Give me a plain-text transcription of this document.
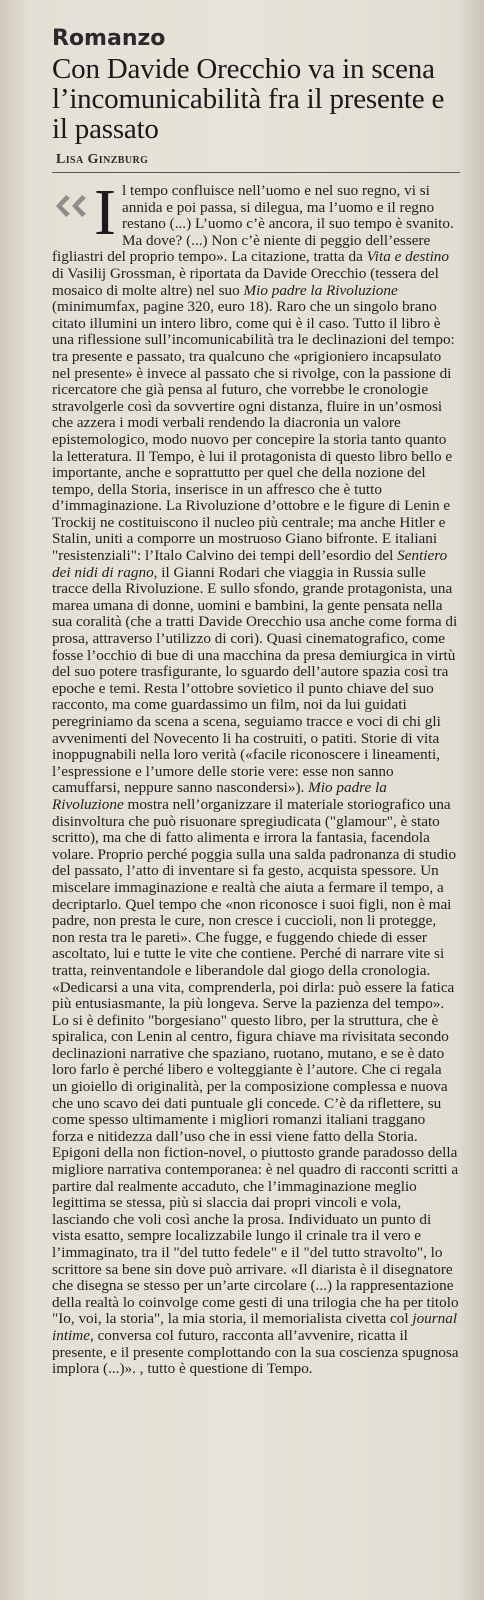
Romanzo
Con Davide Orecchio va in scena l’incomunicabilità fra il presente e il passato
Lisa Ginzburg
I l tempo confluisce nell’uomo e nel suo regno, vi si annida e poi passa, si dilegua, ma l’uomo e il regno restano (...) L’uomo c’è ancora, il suo tempo è svanito. Ma dove? (...) Non c’è niente di peggio dell’essere figliastri del proprio tempo». La citazione, tratta da Vita e destino di Vasilij Grossman, è riportata da Davide Orecchio (tessera del mosaico di molte altre) nel suo Mio padre la Rivoluzione (minimumfax, pagine 320, euro 18). Raro che un singolo brano citato illumini un intero libro, come qui è il caso. Tutto il libro è una riflessione sull’incomunicabilità tra le declinazioni del tempo: tra presente e passato, tra qualcuno che «prigioniero incapsulato nel presente» è invece al passato che si rivolge, con la passione di ricercatore che già pensa al futuro, che vorrebbe le cronologie stravolgerle così da sovvertire ogni distanza, fluire in un’osmosi che azzera i modi verbali rendendo la diacronia un valore epistemologico, modo nuovo per concepire la storia tanto quanto la letteratura. Il Tempo, è lui il protagonista di questo libro bello e importante, anche e soprattutto per quel che della nozione del tempo, della Storia, inserisce in un affresco che è tutto d’immaginazione. La Rivoluzione d’ottobre e le figure di Lenin e Trockij ne costituiscono il nucleo più centrale; ma anche Hitler e Stalin, uniti a comporre un mostruoso Giano bifronte. E italiani "resistenziali": l’Italo Calvino dei tempi dell’esordio del Sentiero dei nidi di ragno, il Gianni Rodari che viaggia in Russia sulle tracce della Rivoluzione. E sullo sfondo, grande protagonista, una marea umana di donne, uomini e bambini, la gente pensata nella sua coralità (che a tratti Davide Orecchio usa anche come forma di prosa, attraverso l’utilizzo di cori). Quasi cinematografico, come fosse l’occhio di bue di una macchina da presa demiurgica in virtù del suo potere trasfigurante, lo sguardo dell’autore spazia così tra epoche e temi. Resta l’ottobre sovietico il punto chiave del suo racconto, ma come guardassimo un film, noi da lui guidati peregriniamo da scena a scena, seguiamo tracce e voci di chi gli avvenimenti del Novecento li ha costruiti, o patiti. Storie di vita inoppugnabili nella loro verità («facile riconoscere i lineamenti, l’espressione e l’umore delle storie vere: esse non sanno camuffarsi, neppure sanno nascondersi»). Mio padre la Rivoluzione mostra nell’organizzare il materiale storiografico una disinvoltura che può risuonare spregiudicata ("glamour", è stato scritto), ma che di fatto alimenta e irrora la fantasia, facendola volare. Proprio perché poggia sulla una salda padronanza di studio del passato, l’atto di inventare si fa gesto, acquista spessore. Un miscelare immaginazione e realtà che aiuta a fermare il tempo, a decriptarlo. Quel tempo che «non riconosce i suoi figli, non è mai padre, non presta le cure, non cresce i cuccioli, non li protegge, non resta tra le pareti». Che fugge, e fuggendo chiede di esser ascoltato, lui e tutte le vite che contiene. Perché di narrare vite si tratta, reinventandole e liberandole dal giogo della cronologia. «Dedicarsi a una vita, comprenderla, poi dirla: può essere la fatica più entusiasmante, la più longeva. Serve la pazienza del tempo». Lo si è definito "borgesiano" questo libro, per la struttura, che è spiralica, con Lenin al centro, figura chiave ma rivisitata secondo declinazioni narrative che spaziano, ruotano, mutano, e se è dato loro farlo è perché libero e volteggiante è l’autore. Che ci regala un gioiello di originalità, per la composizione complessa e nuova che uno scavo dei dati puntuale gli concede. C’è da riflettere, su come spesso ultimamente i migliori romanzi italiani traggano forza e nitidezza dall’uso che in essi viene fatto della Storia. Epigoni della non fiction-novel, o piuttosto grande paradosso della migliore narrativa contemporanea: è nel quadro di racconti scritti a partire dal realmente accaduto, che l’immaginazione meglio legittima se stessa, più si slaccia dai propri vincoli e vola, lasciando che voli così anche la prosa. Individuato un punto di vista esatto, sempre localizzabile lungo il crinale tra il vero e l’immaginato, tra il "del tutto fedele" e il "del tutto stravolto", lo scrittore sa bene sin dove può arrivare. «Il diarista è il disegnatore che disegna se stesso per un’arte circolare (...) la rappresentazione della realtà lo coinvolge come gesti di una trilogia che ha per titolo "Io, voi, la storia", la mia storia, il memorialista civetta col journal intime, conversa col futuro, racconta all’avvenire, ricatta il presente, e il presente complottando con la sua coscienza spugnosa implora (...)». , tutto è questione di Tempo.
